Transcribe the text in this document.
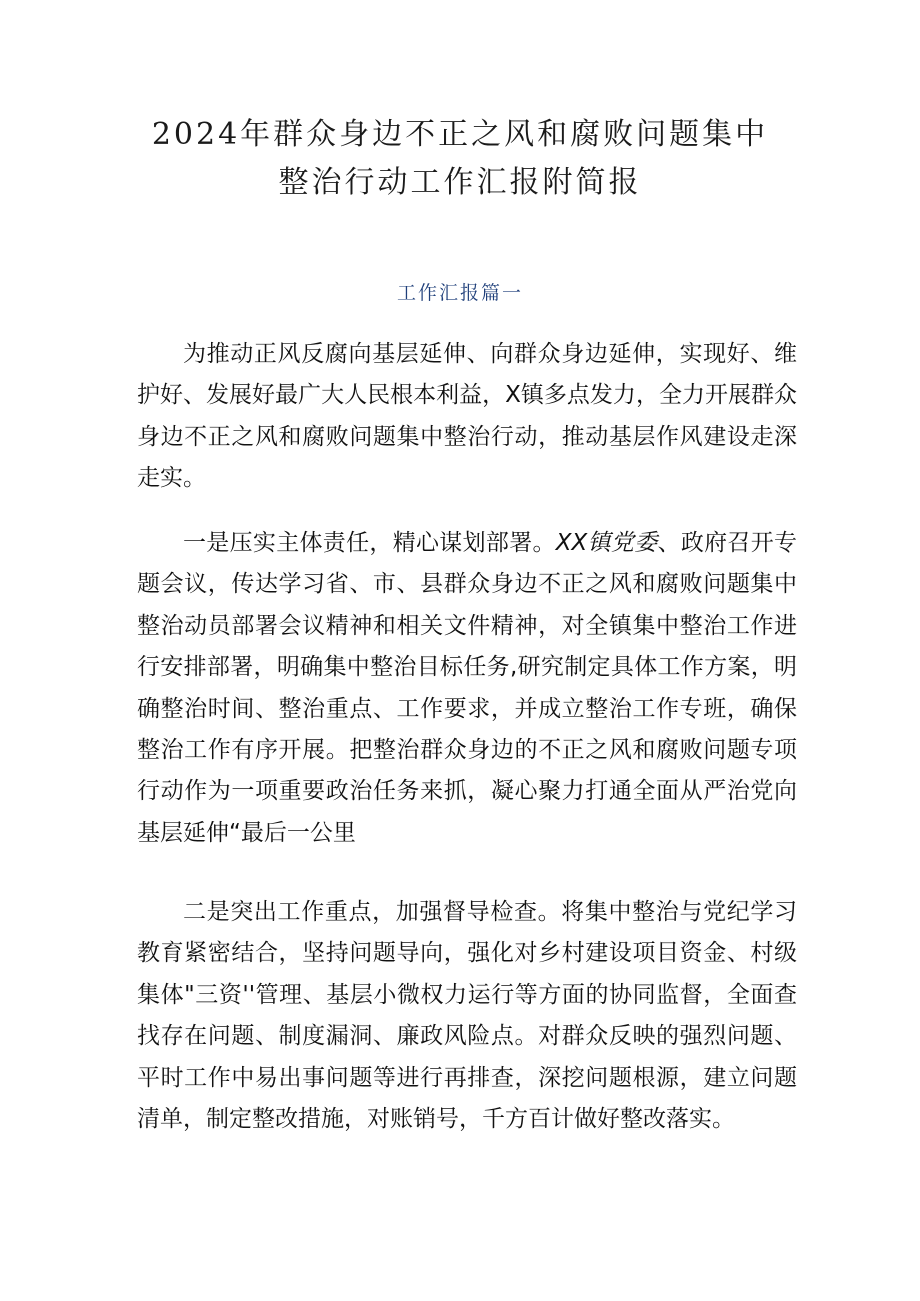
2024年群众身边不正之风和腐败问题集中
整治行动工作汇报附简报
工作汇报篇一

为推动正风反腐向基层延伸、向群众身边延伸，实现好、维护好、发展好最广大人民根本利益，X镇多点发力，全力开展群众身边不正之风和腐败问题集中整治行动，推动基层作风建设走深走实。

一是压实主体责任，精心谋划部署。XX镇党委、政府召开专题会议，传达学习省、市、县群众身边不正之风和腐败问题集中整治动员部署会议精神和相关文件精神，对全镇集中整治工作进行安排部署，明确集中整治目标任务,研究制定具体工作方案，明确整治时间、整治重点、工作要求，并成立整治工作专班，确保整治工作有序开展。把整治群众身边的不正之风和腐败问题专项行动作为一项重要政治任务来抓，凝心聚力打通全面从严治党向基层延伸“最后一公里

二是突出工作重点，加强督导检查。将集中整治与党纪学习教育紧密结合，坚持问题导向，强化对乡村建设项目资金、村级集体"三资''管理、基层小微权力运行等方面的协同监督，全面查找存在问题、制度漏洞、廉政风险点。对群众反映的强烈问题、平时工作中易出事问题等进行再排查，深挖问题根源，建立问题清单，制定整改措施，对账销号，千方百计做好整改落实。
